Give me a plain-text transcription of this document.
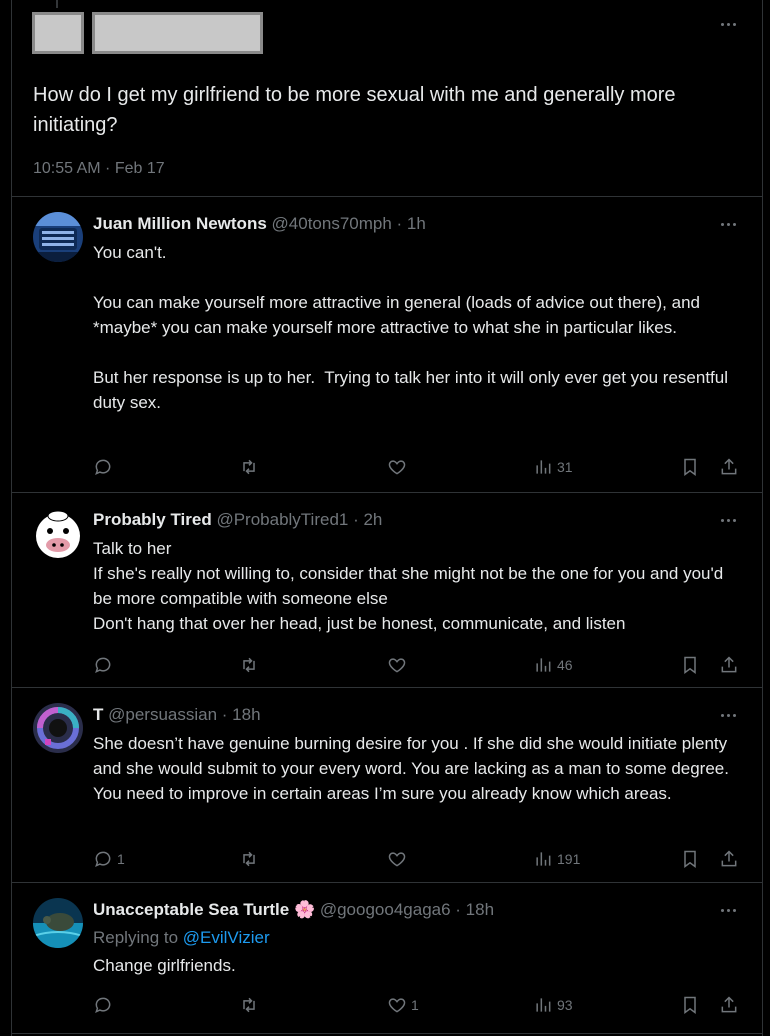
How do I get my girlfriend to be more sexual with me and generally more initiating?
10:55 AM · Feb 17
Juan Million Newtons @40tons70mph · 1h
You can't.

You can make yourself more attractive in general (loads of advice out there), and *maybe* you can make yourself more attractive to what she in particular likes.

But her response is up to her.  Trying to talk her into it will only ever get you resentful duty sex.
31
Probably Tired @ProbablyTired1 · 2h
Talk to her
If she's really not willing to, consider that she might not be the one for you and you'd be more compatible with someone else
Don't hang that over her head, just be honest, communicate, and listen
46
T @persuassian · 18h
She doesn’t have genuine burning desire for you . If she did she would initiate plenty and she would submit to your every word. You are lacking as a man to some degree. You need to improve in certain areas I’m sure you already know which areas.
1	191
Unacceptable Sea Turtle 🌸 @googoo4gaga6 · 18h
Replying to @EvilVizier
Change girlfriends.
1	93
